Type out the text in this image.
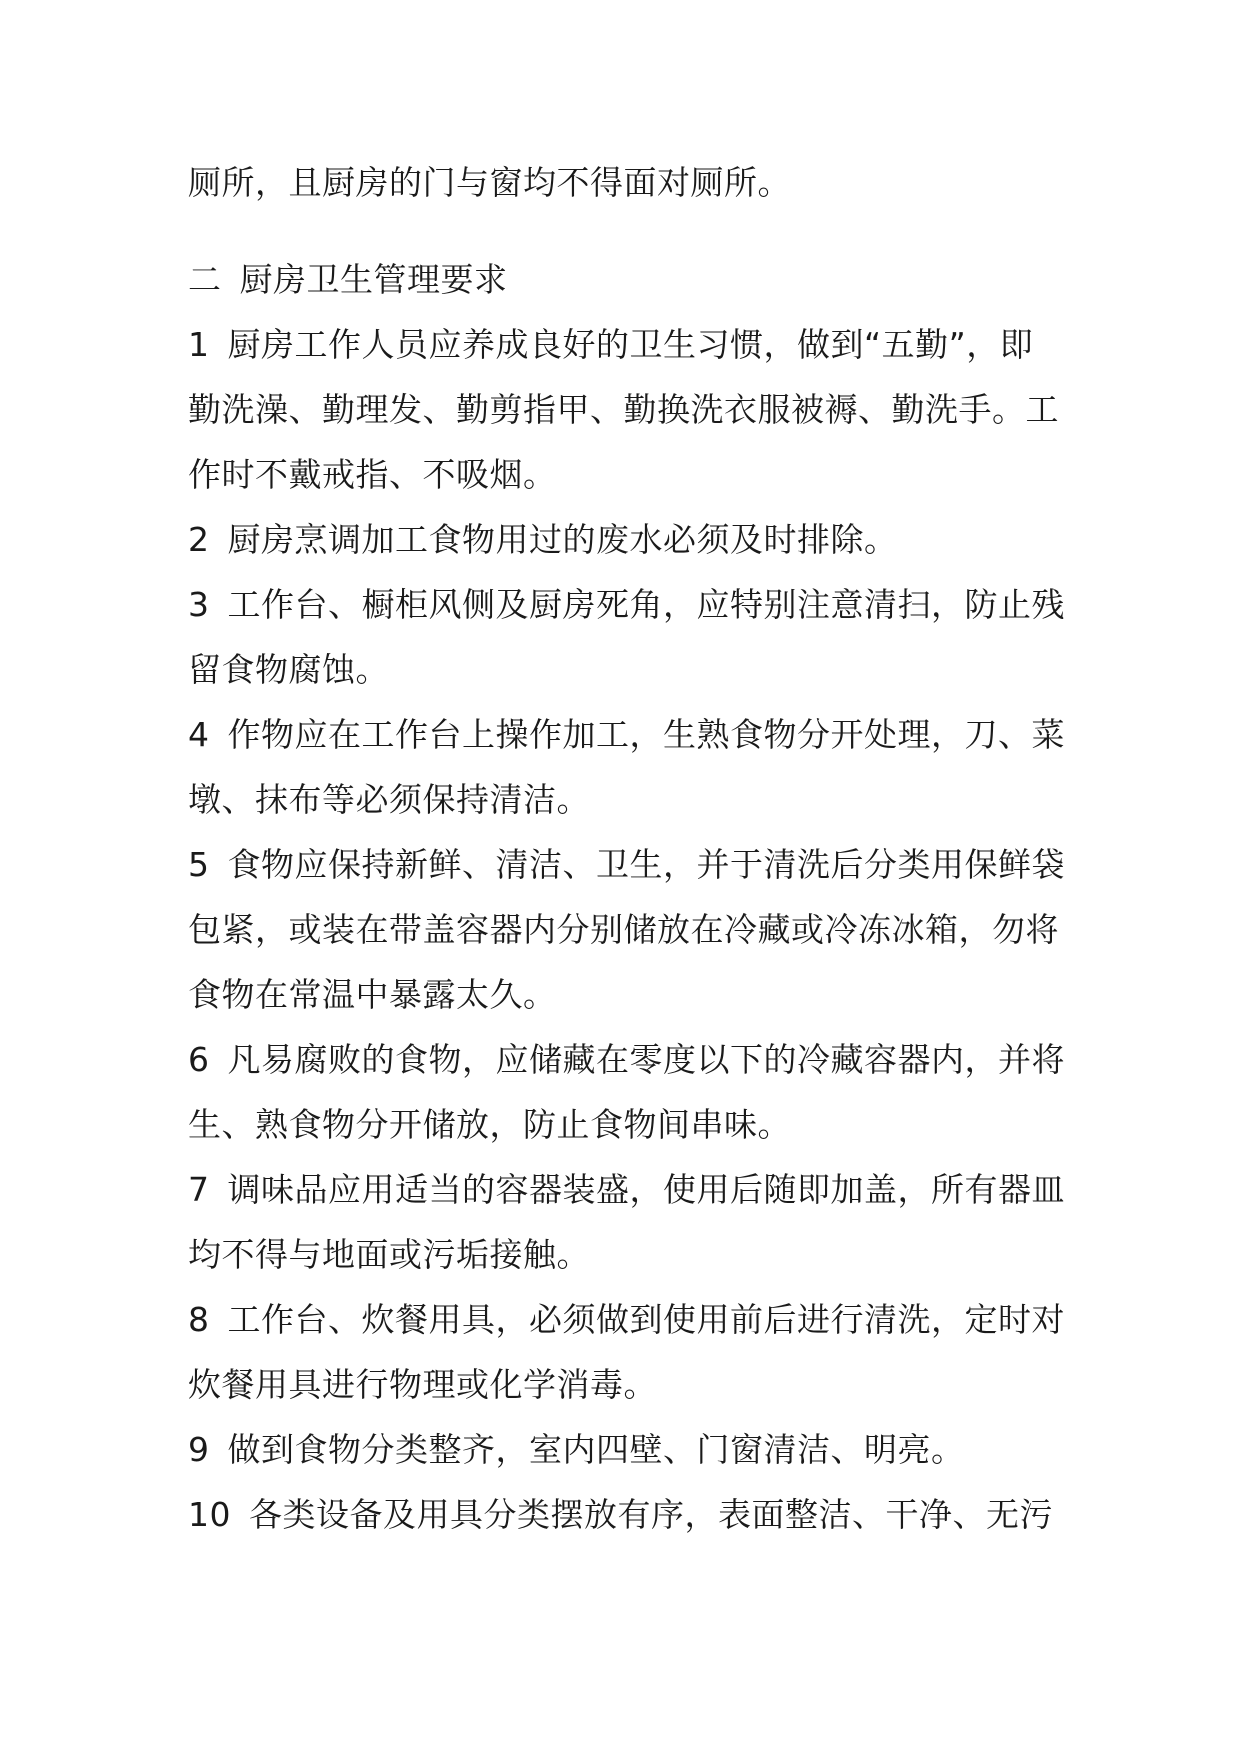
厕所，且厨房的门与窗均不得面对厕所。
二 厨房卫生管理要求
1 厨房工作人员应养成良好的卫生习惯，做到“五勤”，即
勤洗澡、勤理发、勤剪指甲、勤换洗衣服被褥、勤洗手。工
作时不戴戒指、不吸烟。
2 厨房烹调加工食物用过的废水必须及时排除。
3 工作台、橱柜风侧及厨房死角，应特别注意清扫，防止残
留食物腐蚀。
4 作物应在工作台上操作加工，生熟食物分开处理，刀、菜
墩、抹布等必须保持清洁。
5 食物应保持新鲜、清洁、卫生，并于清洗后分类用保鲜袋
包紧，或装在带盖容器内分别储放在冷藏或冷冻冰箱，勿将
食物在常温中暴露太久。
6 凡易腐败的食物，应储藏在零度以下的冷藏容器内，并将
生、熟食物分开储放，防止食物间串味。
7 调味品应用适当的容器装盛，使用后随即加盖，所有器皿
均不得与地面或污垢接触。
8 工作台、炊餐用具，必须做到使用前后进行清洗，定时对
炊餐用具进行物理或化学消毒。
9 做到食物分类整齐，室内四壁、门窗清洁、明亮。
10 各类设备及用具分类摆放有序，表面整洁、干净、无污
